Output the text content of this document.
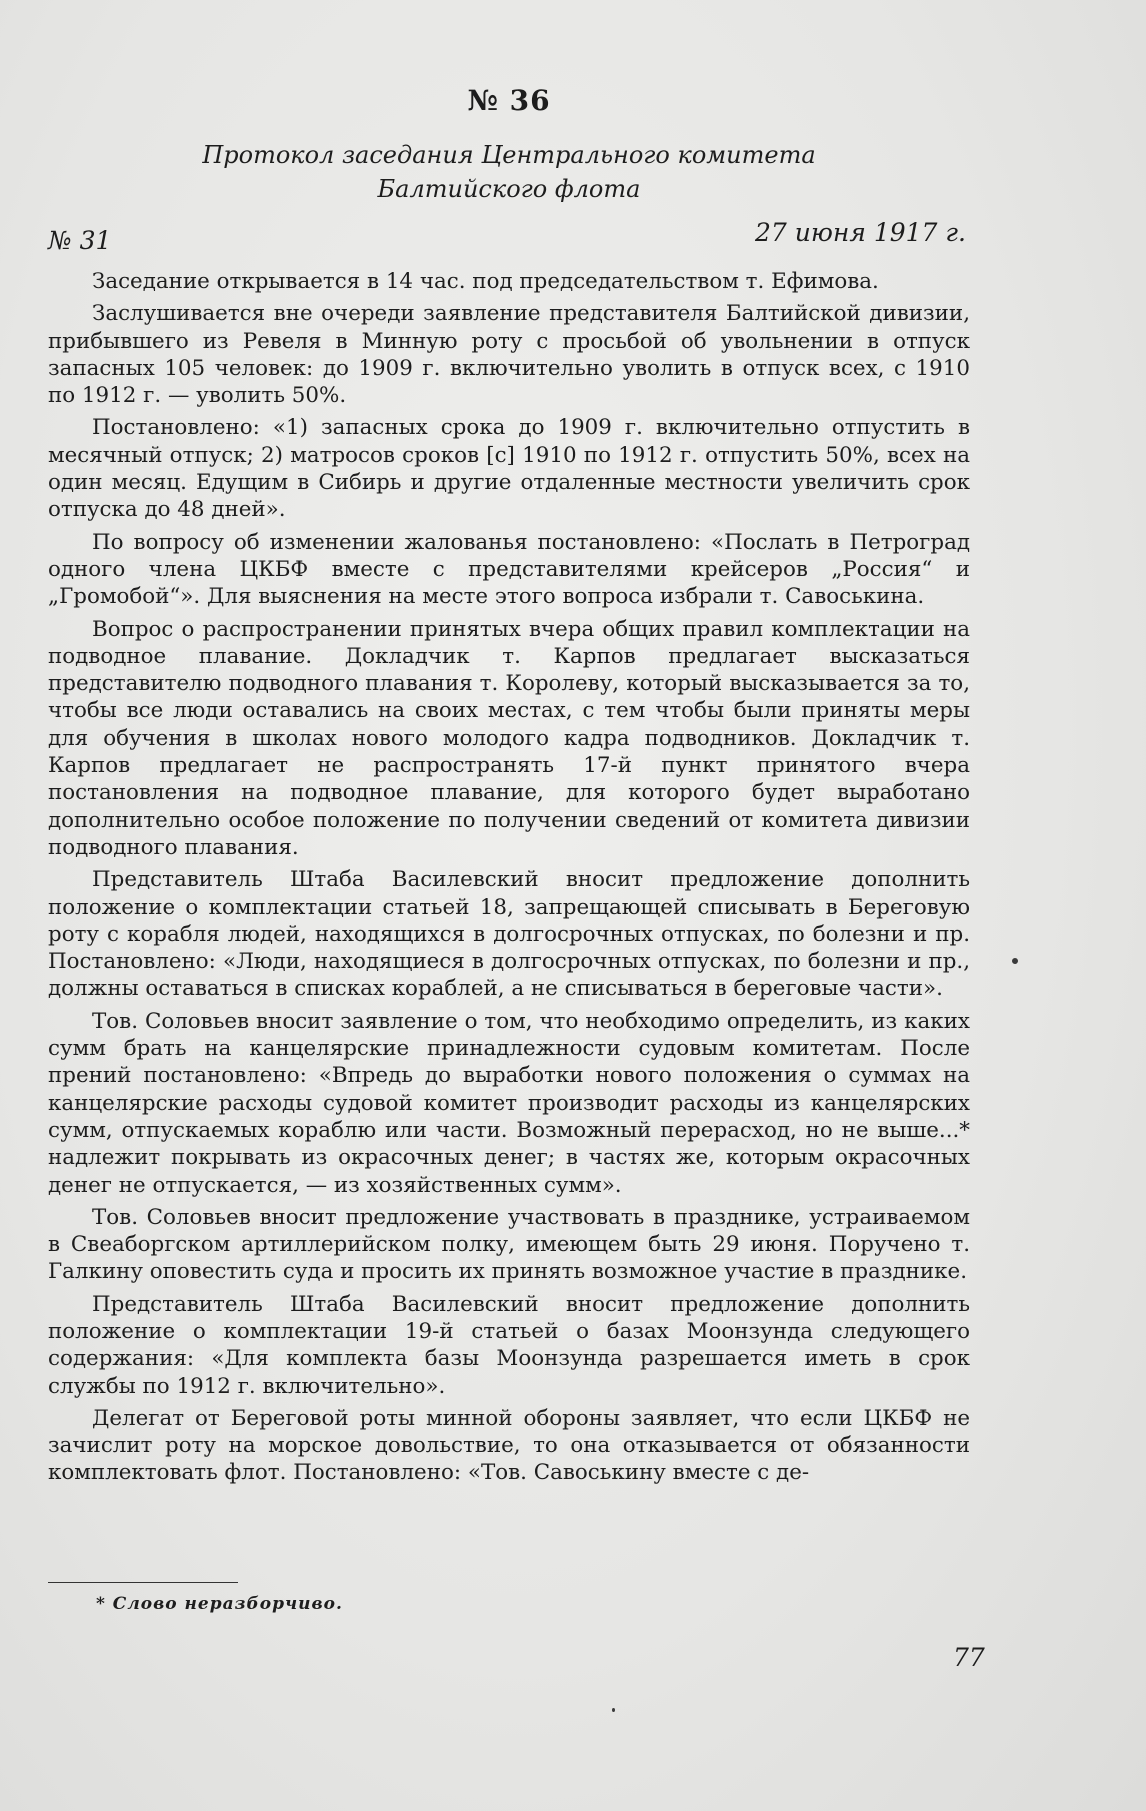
№ 36
Протокол заседания Центрального комитета
Балтийского флота
№ 31	27 июня 1917 г.

Заседание открывается в 14 час. под председательством т. Ефимова.

Заслушивается вне очереди заявление представителя Балтийской дивизии, прибывшего из Ревеля в Минную роту с просьбой об увольнении в отпуск запасных 105 человек: до 1909 г. включительно уволить в отпуск всех, с 1910 по 1912 г. — уволить 50%.

Постановлено: «1) запасных срока до 1909 г. включительно отпустить в месячный отпуск; 2) матросов сроков [с] 1910 по 1912 г. отпустить 50%, всех на один месяц. Едущим в Сибирь и другие отдаленные местности увеличить срок отпуска до 48 дней».

По вопросу об изменении жалованья постановлено: «Послать в Петроград одного члена ЦКБФ вместе с представителями крейсеров „Россия“ и „Громобой“». Для выяснения на месте этого вопроса избрали т. Савоськина.

Вопрос о распространении принятых вчера общих правил комплектации на подводное плавание. Докладчик т. Карпов предлагает высказаться представителю подводного плавания т. Королеву, который высказывается за то, чтобы все люди оставались на своих местах, с тем чтобы были приняты меры для обучения в школах нового молодого кадра подводников. Докладчик т. Карпов предлагает не распространять 17-й пункт принятого вчера постановления на подводное плавание, для которого будет выработано дополнительно особое положение по получении сведений от комитета дивизии подводного плавания.

Представитель Штаба Василевский вносит предложение дополнить положение о комплектации статьей 18, запрещающей списывать в Береговую роту с корабля людей, находящихся в долгосрочных отпусках, по болезни и пр. Постановлено: «Люди, находящиеся в долгосрочных отпусках, по болезни и пр., должны оставаться в списках кораблей, а не списываться в береговые части».

Тов. Соловьев вносит заявление о том, что необходимо определить, из каких сумм брать на канцелярские принадлежности судовым комитетам. После прений постановлено: «Впредь до выработки нового положения о суммах на канцелярские расходы судовой комитет производит расходы из канцелярских сумм, отпускаемых кораблю или части. Возможный перерасход, но не выше...* надлежит покрывать из окрасочных денег; в частях же, которым окрасочных денег не отпускается, — из хозяйственных сумм».

Тов. Соловьев вносит предложение участвовать в празднике, устраиваемом в Свеаборгском артиллерийском полку, имеющем быть 29 июня. Поручено т. Галкину оповестить суда и просить их принять возможное участие в празднике.

Представитель Штаба Василевский вносит предложение дополнить положение о комплектации 19-й статьей о базах Моонзунда следующего содержания: «Для комплекта базы Моонзунда разрешается иметь в срок службы по 1912 г. включительно».

Делегат от Береговой роты минной обороны заявляет, что если ЦКБФ не зачислит роту на морское довольствие, то она отказывается от обязанности комплектовать флот. Постановлено: «Тов. Савоськину вместе с де-

* Слово неразборчиво.
77
